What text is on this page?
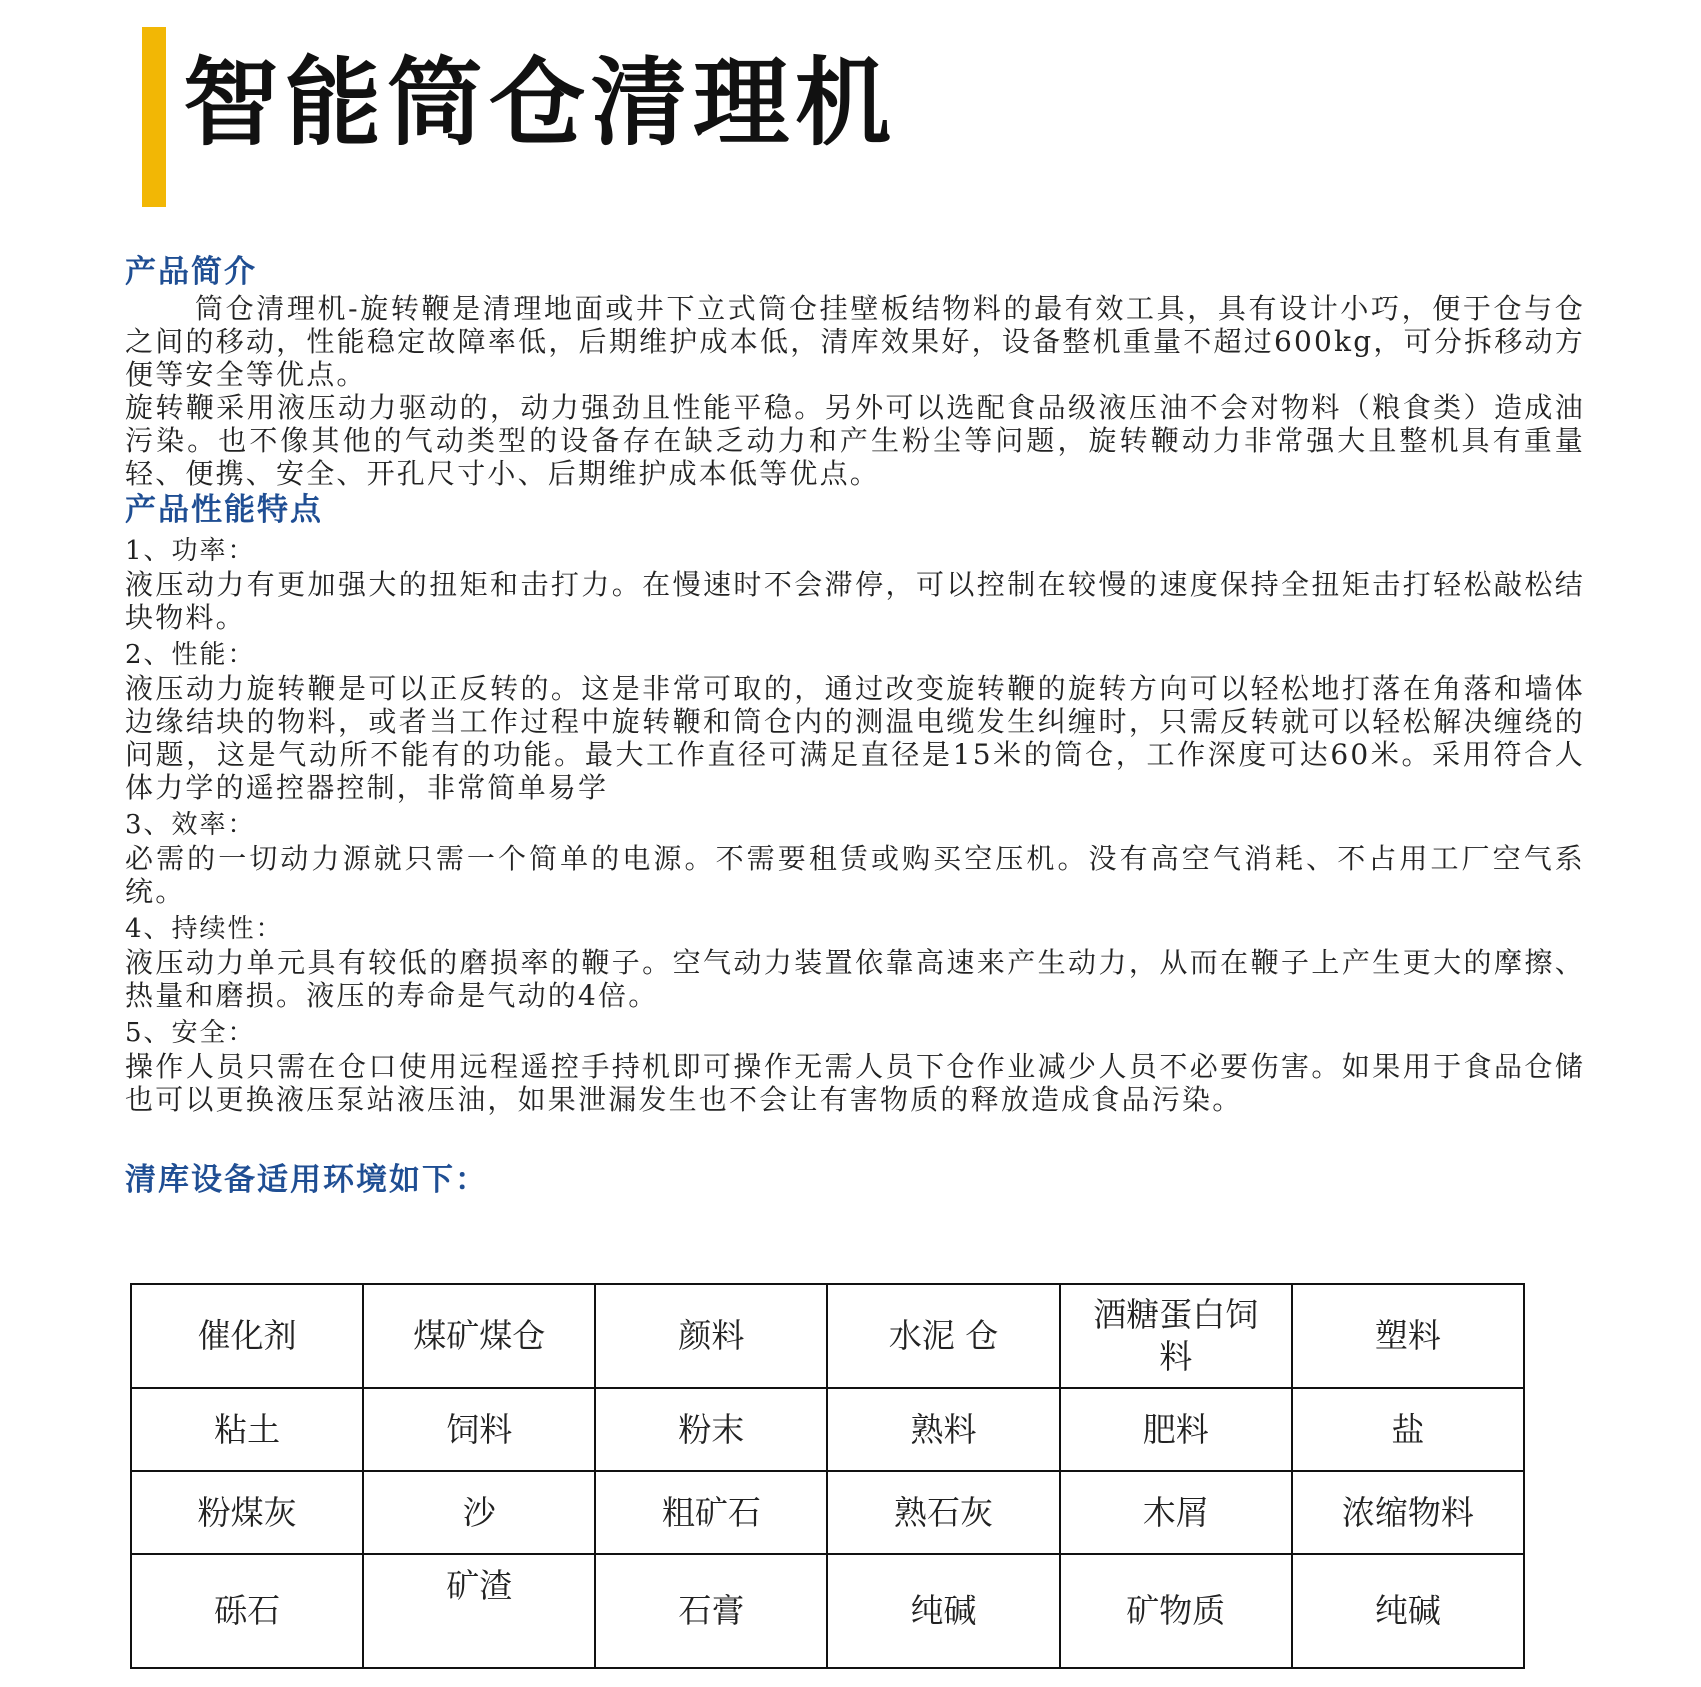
智能筒仓清理机

产品简介

筒仓清理机-旋转鞭是清理地面或井下立式筒仓挂壁板结物料的最有效工具，具有设计小巧，便于仓与仓之间的移动，性能稳定故障率低，后期维护成本低，清库效果好，设备整机重量不超过600kg，可分拆移动方便等安全等优点。

旋转鞭采用液压动力驱动的，动力强劲且性能平稳。另外可以选配食品级液压油不会对物料（粮食类）造成油污染。也不像其他的气动类型的设备存在缺乏动力和产生粉尘等问题，旋转鞭动力非常强大且整机具有重量轻、便携、安全、开孔尺寸小、后期维护成本低等优点。

产品性能特点

1、功率：

液压动力有更加强大的扭矩和击打力。在慢速时不会滞停，可以控制在较慢的速度保持全扭矩击打轻松敲松结块物料。

2、性能：

液压动力旋转鞭是可以正反转的。这是非常可取的，通过改变旋转鞭的旋转方向可以轻松地打落在角落和墙体边缘结块的物料，或者当工作过程中旋转鞭和筒仓内的测温电缆发生纠缠时，只需反转就可以轻松解决缠绕的问题，这是气动所不能有的功能。最大工作直径可满足直径是15米的筒仓，工作深度可达60米。采用符合人体力学的遥控器控制，非常简单易学

3、效率：

必需的一切动力源就只需一个简单的电源。不需要租赁或购买空压机。没有高空气消耗、不占用工厂空气系统。

4、持续性：

液压动力单元具有较低的磨损率的鞭子。空气动力装置依靠高速来产生动力，从而在鞭子上产生更大的摩擦、热量和磨损。液压的寿命是气动的4倍。

5、安全：

操作人员只需在仓口使用远程遥控手持机即可操作无需人员下仓作业减少人员不必要伤害。如果用于食品仓储也可以更换液压泵站液压油，如果泄漏发生也不会让有害物质的释放造成食品污染。

清库设备适用环境如下：

催化剂	煤矿煤仓	颜料	水泥 仓	酒糖蛋白饲料	塑料
粘土	饲料	粉末	熟料	肥料	盐
粉煤灰	沙	粗矿石	熟石灰	木屑	浓缩物料
砾石	矿渣	石膏	纯碱	矿物质	纯碱
